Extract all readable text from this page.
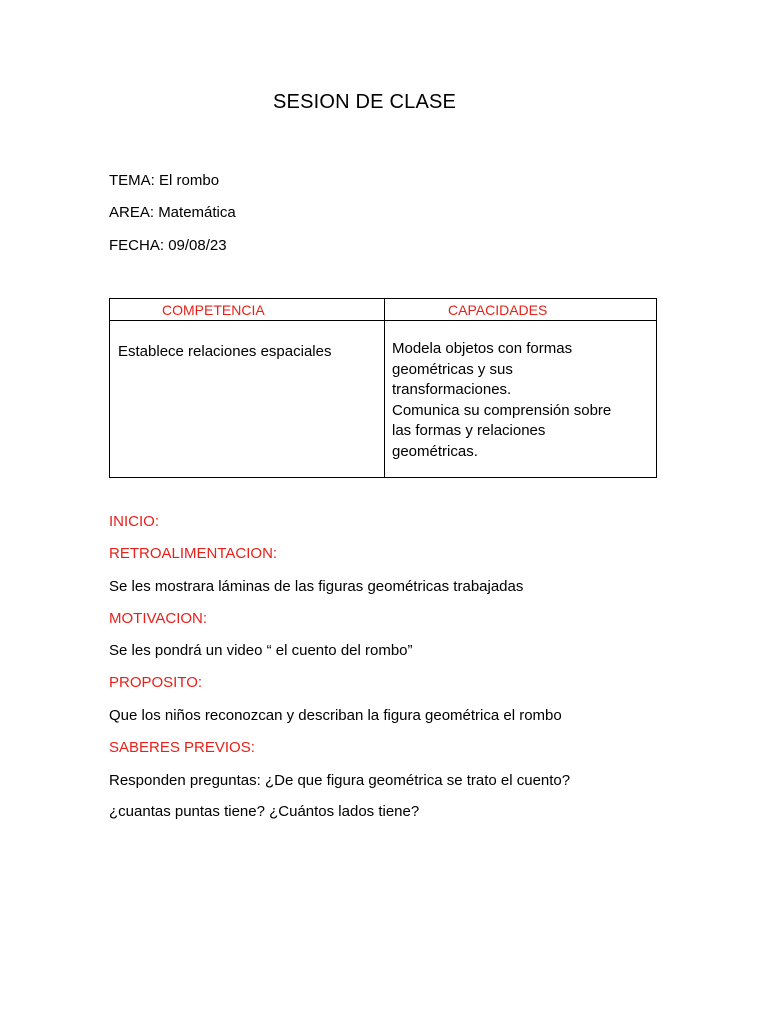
SESION DE CLASE
TEMA: El rombo
AREA: Matemática
FECHA: 09/08/23
COMPETENCIA	CAPACIDADES
Establece relaciones espaciales	Modela objetos con formas
geométricas y sus
transformaciones.
Comunica su comprensión sobre
las formas y relaciones
geométricas.
INICIO:
RETROALIMENTACION:
Se les mostrara láminas de las figuras geométricas trabajadas
MOTIVACION:
Se les pondrá un video “ el cuento del rombo”
PROPOSITO:
Que los niños reconozcan y describan la figura geométrica el rombo
SABERES PREVIOS:
Responden preguntas: ¿De que figura geométrica se trato el cuento?
¿cuantas puntas tiene? ¿Cuántos lados tiene?
